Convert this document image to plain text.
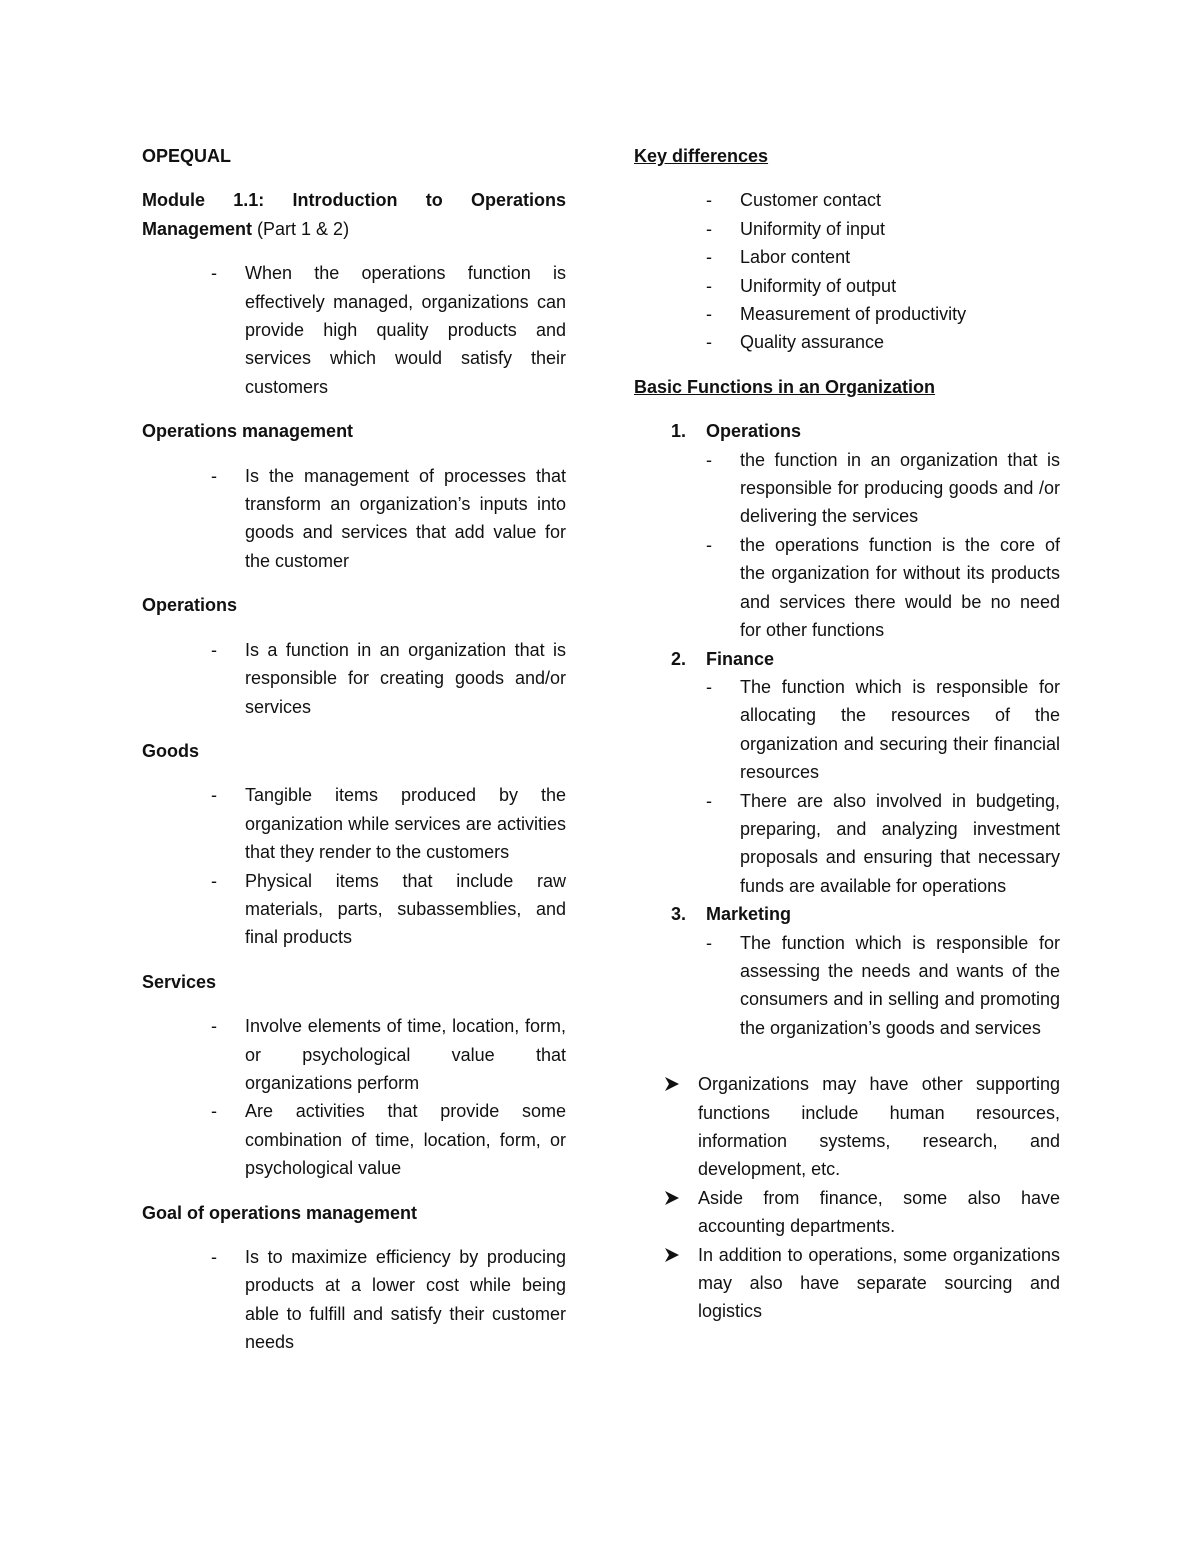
OPEQUAL
Module 1.1: Introduction to Operations Management (Part 1 & 2)
- When the operations function is effectively managed, organizations can provide high quality products and services which would satisfy their customers
Operations management
- Is the management of processes that transform an organization’s inputs into goods and services that add value for the customer
Operations
- Is a function in an organization that is responsible for creating goods and/or services
Goods
- Tangible items produced by the organization while services are activities that they render to the customers
- Physical items that include raw materials, parts, subassemblies, and final products
Services
- Involve elements of time, location, form, or psychological value that organizations perform
- Are activities that provide some combination of time, location, form, or psychological value
Goal of operations management
- Is to maximize efficiency by producing products at a lower cost while being able to fulfill and satisfy their customer needs
Key differences
- Customer contact
- Uniformity of input
- Labor content
- Uniformity of output
- Measurement of productivity
- Quality assurance
Basic Functions in an Organization
1. Operations
- the function in an organization that is responsible for producing goods and /or delivering the services
- the operations function is the core of the organization for without its products and services there would be no need for other functions
2. Finance
- The function which is responsible for allocating the resources of the organization and securing their financial resources
- There are also involved in budgeting, preparing, and analyzing investment proposals and ensuring that necessary funds are available for operations
3. Marketing
- The function which is responsible for assessing the needs and wants of the consumers and in selling and promoting the organization’s goods and services
Organizations may have other supporting functions include human resources, information systems, research, and development, etc.
Aside from finance, some also have accounting departments.
In addition to operations, some organizations may also have separate sourcing and logistics
